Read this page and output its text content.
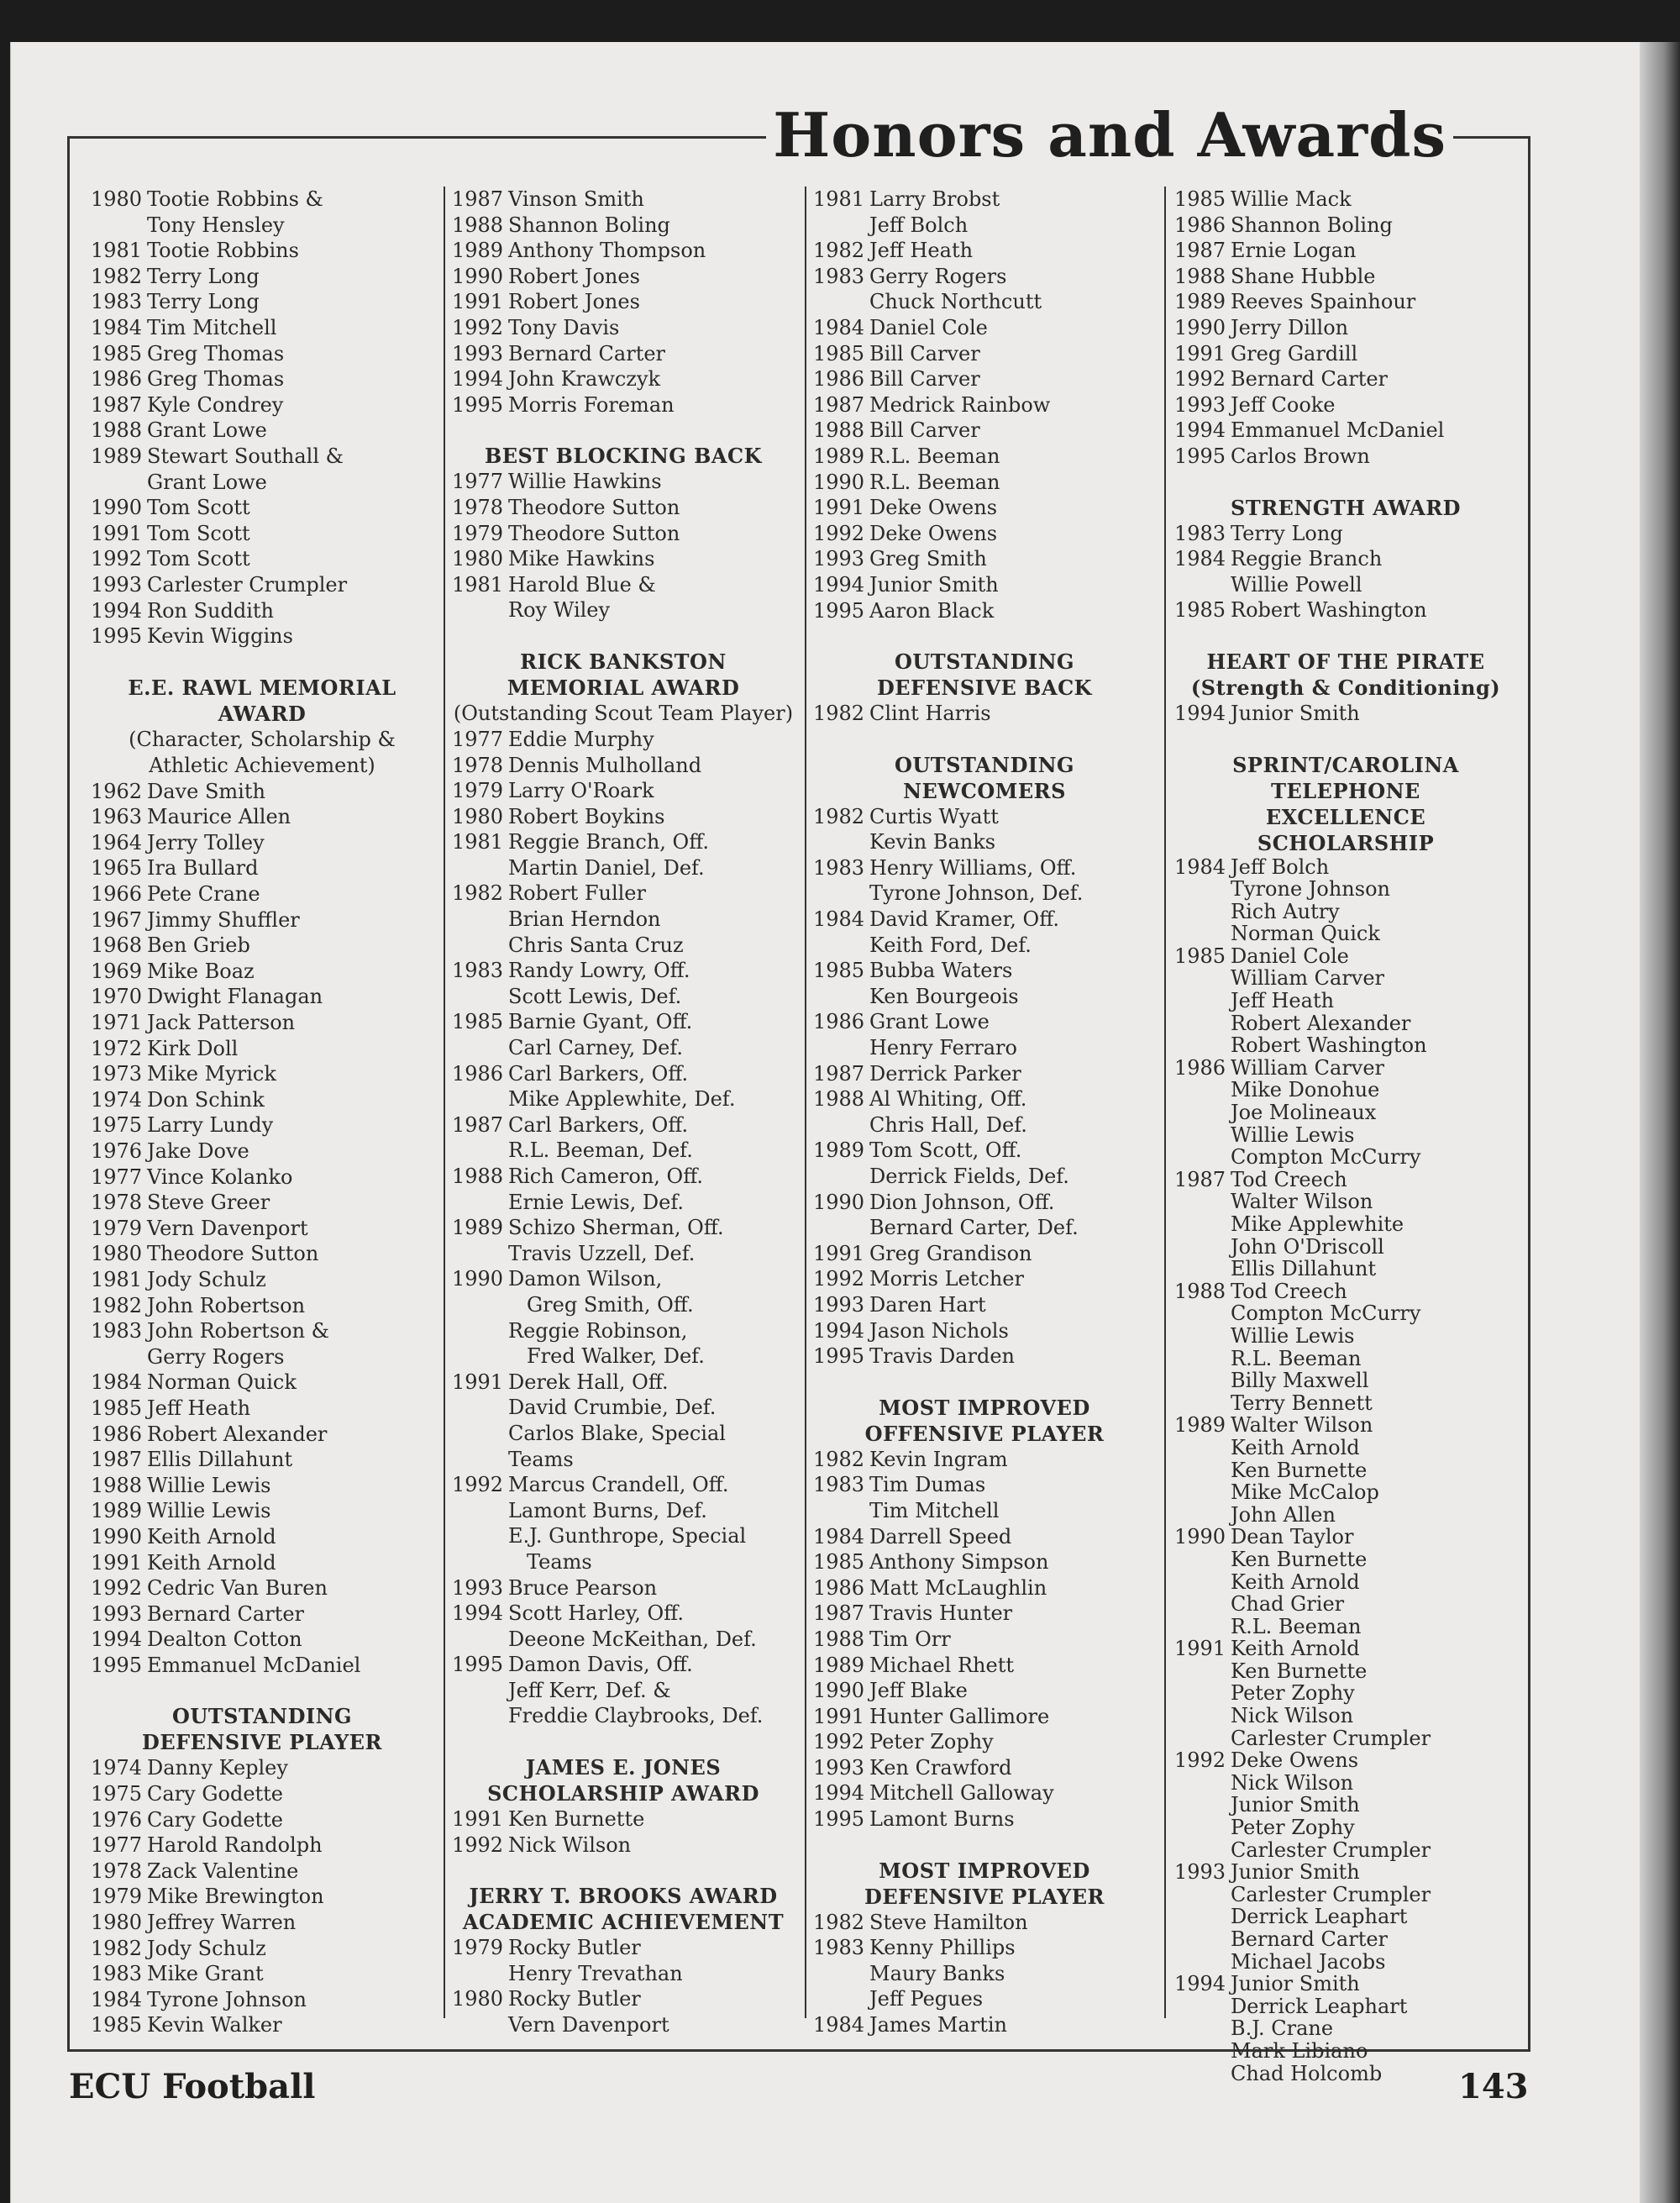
Honors and Awards
1980 Tootie Robbins &
Tony Hensley
1981 Tootie Robbins
1982 Terry Long
1983 Terry Long
1984 Tim Mitchell
1985 Greg Thomas
1986 Greg Thomas
1987 Kyle Condrey
1988 Grant Lowe
1989 Stewart Southall &
Grant Lowe
1990 Tom Scott
1991 Tom Scott
1992 Tom Scott
1993 Carlester Crumpler
1994 Ron Suddith
1995 Kevin Wiggins
E.E. RAWL MEMORIAL AWARD
(Character, Scholarship &
Athletic Achievement)
1962 Dave Smith
1963 Maurice Allen
1964 Jerry Tolley
1965 Ira Bullard
1966 Pete Crane
1967 Jimmy Shuffler
1968 Ben Grieb
1969 Mike Boaz
1970 Dwight Flanagan
1971 Jack Patterson
1972 Kirk Doll
1973 Mike Myrick
1974 Don Schink
1975 Larry Lundy
1976 Jake Dove
1977 Vince Kolanko
1978 Steve Greer
1979 Vern Davenport
1980 Theodore Sutton
1981 Jody Schulz
1982 John Robertson
1983 John Robertson &
Gerry Rogers
1984 Norman Quick
1985 Jeff Heath
1986 Robert Alexander
1987 Ellis Dillahunt
1988 Willie Lewis
1989 Willie Lewis
1990 Keith Arnold
1991 Keith Arnold
1992 Cedric Van Buren
1993 Bernard Carter
1994 Dealton Cotton
1995 Emmanuel McDaniel
OUTSTANDING
DEFENSIVE PLAYER
1974 Danny Kepley
1975 Cary Godette
1976 Cary Godette
1977 Harold Randolph
1978 Zack Valentine
1979 Mike Brewington
1980 Jeffrey Warren
1982 Jody Schulz
1983 Mike Grant
1984 Tyrone Johnson
1985 Kevin Walker
1987 Vinson Smith
1988 Shannon Boling
1989 Anthony Thompson
1990 Robert Jones
1991 Robert Jones
1992 Tony Davis
1993 Bernard Carter
1994 John Krawczyk
1995 Morris Foreman
BEST BLOCKING BACK
1977 Willie Hawkins
1978 Theodore Sutton
1979 Theodore Sutton
1980 Mike Hawkins
1981 Harold Blue &
Roy Wiley
RICK BANKSTON
MEMORIAL AWARD
(Outstanding Scout Team Player)
1977 Eddie Murphy
1978 Dennis Mulholland
1979 Larry O'Roark
1980 Robert Boykins
1981 Reggie Branch, Off.
Martin Daniel, Def.
1982 Robert Fuller
Brian Herndon
Chris Santa Cruz
1983 Randy Lowry, Off.
Scott Lewis, Def.
1985 Barnie Gyant, Off.
Carl Carney, Def.
1986 Carl Barkers, Off.
Mike Applewhite, Def.
1987 Carl Barkers, Off.
R.L. Beeman, Def.
1988 Rich Cameron, Off.
Ernie Lewis, Def.
1989 Schizo Sherman, Off.
Travis Uzzell, Def.
1990 Damon Wilson,
Greg Smith, Off.
Reggie Robinson,
Fred Walker, Def.
1991 Derek Hall, Off.
David Crumbie, Def.
Carlos Blake, Special Teams
1992 Marcus Crandell, Off.
Lamont Burns, Def.
E.J. Gunthrope, Special
Teams
1993 Bruce Pearson
1994 Scott Harley, Off.
Deeone McKeithan, Def.
1995 Damon Davis, Off.
Jeff Kerr, Def. &
Freddie Claybrooks, Def.
JAMES E. JONES
SCHOLARSHIP AWARD
1991 Ken Burnette
1992 Nick Wilson
JERRY T. BROOKS AWARD
ACADEMIC ACHIEVEMENT
1979 Rocky Butler
Henry Trevathan
1980 Rocky Butler
Vern Davenport
1981 Larry Brobst
Jeff Bolch
1982 Jeff Heath
1983 Gerry Rogers
Chuck Northcutt
1984 Daniel Cole
1985 Bill Carver
1986 Bill Carver
1987 Medrick Rainbow
1988 Bill Carver
1989 R.L. Beeman
1990 R.L. Beeman
1991 Deke Owens
1992 Deke Owens
1993 Greg Smith
1994 Junior Smith
1995 Aaron Black
OUTSTANDING
DEFENSIVE BACK
1982 Clint Harris
OUTSTANDING NEWCOMERS
1982 Curtis Wyatt
Kevin Banks
1983 Henry Williams, Off.
Tyrone Johnson, Def.
1984 David Kramer, Off.
Keith Ford, Def.
1985 Bubba Waters
Ken Bourgeois
1986 Grant Lowe
Henry Ferraro
1987 Derrick Parker
1988 Al Whiting, Off.
Chris Hall, Def.
1989 Tom Scott, Off.
Derrick Fields, Def.
1990 Dion Johnson, Off.
Bernard Carter, Def.
1991 Greg Grandison
1992 Morris Letcher
1993 Daren Hart
1994 Jason Nichols
1995 Travis Darden
MOST IMPROVED
OFFENSIVE PLAYER
1982 Kevin Ingram
1983 Tim Dumas
Tim Mitchell
1984 Darrell Speed
1985 Anthony Simpson
1986 Matt McLaughlin
1987 Travis Hunter
1988 Tim Orr
1989 Michael Rhett
1990 Jeff Blake
1991 Hunter Gallimore
1992 Peter Zophy
1993 Ken Crawford
1994 Mitchell Galloway
1995 Lamont Burns
MOST IMPROVED
DEFENSIVE PLAYER
1982 Steve Hamilton
1983 Kenny Phillips
Maury Banks
Jeff Pegues
1984 James Martin
1985 Willie Mack
1986 Shannon Boling
1987 Ernie Logan
1988 Shane Hubble
1989 Reeves Spainhour
1990 Jerry Dillon
1991 Greg Gardill
1992 Bernard Carter
1993 Jeff Cooke
1994 Emmanuel McDaniel
1995 Carlos Brown
STRENGTH AWARD
1983 Terry Long
1984 Reggie Branch
Willie Powell
1985 Robert Washington
HEART OF THE PIRATE
(Strength & Conditioning)
1994 Junior Smith
SPRINT/CAROLINA TELEPHONE
EXCELLENCE SCHOLARSHIP
1984 Jeff Bolch
Tyrone Johnson
Rich Autry
Norman Quick
1985 Daniel Cole
William Carver
Jeff Heath
Robert Alexander
Robert Washington
1986 William Carver
Mike Donohue
Joe Molineaux
Willie Lewis
Compton McCurry
1987 Tod Creech
Walter Wilson
Mike Applewhite
John O'Driscoll
Ellis Dillahunt
1988 Tod Creech
Compton McCurry
Willie Lewis
R.L. Beeman
Billy Maxwell
Terry Bennett
1989 Walter Wilson
Keith Arnold
Ken Burnette
Mike McCalop
John Allen
1990 Dean Taylor
Ken Burnette
Keith Arnold
Chad Grier
R.L. Beeman
1991 Keith Arnold
Ken Burnette
Peter Zophy
Nick Wilson
Carlester Crumpler
1992 Deke Owens
Nick Wilson
Junior Smith
Peter Zophy
Carlester Crumpler
1993 Junior Smith
Carlester Crumpler
Derrick Leaphart
Bernard Carter
Michael Jacobs
1994 Junior Smith
Derrick Leaphart
B.J. Crane
Mark Libiano
Chad Holcomb
ECU Football	143
